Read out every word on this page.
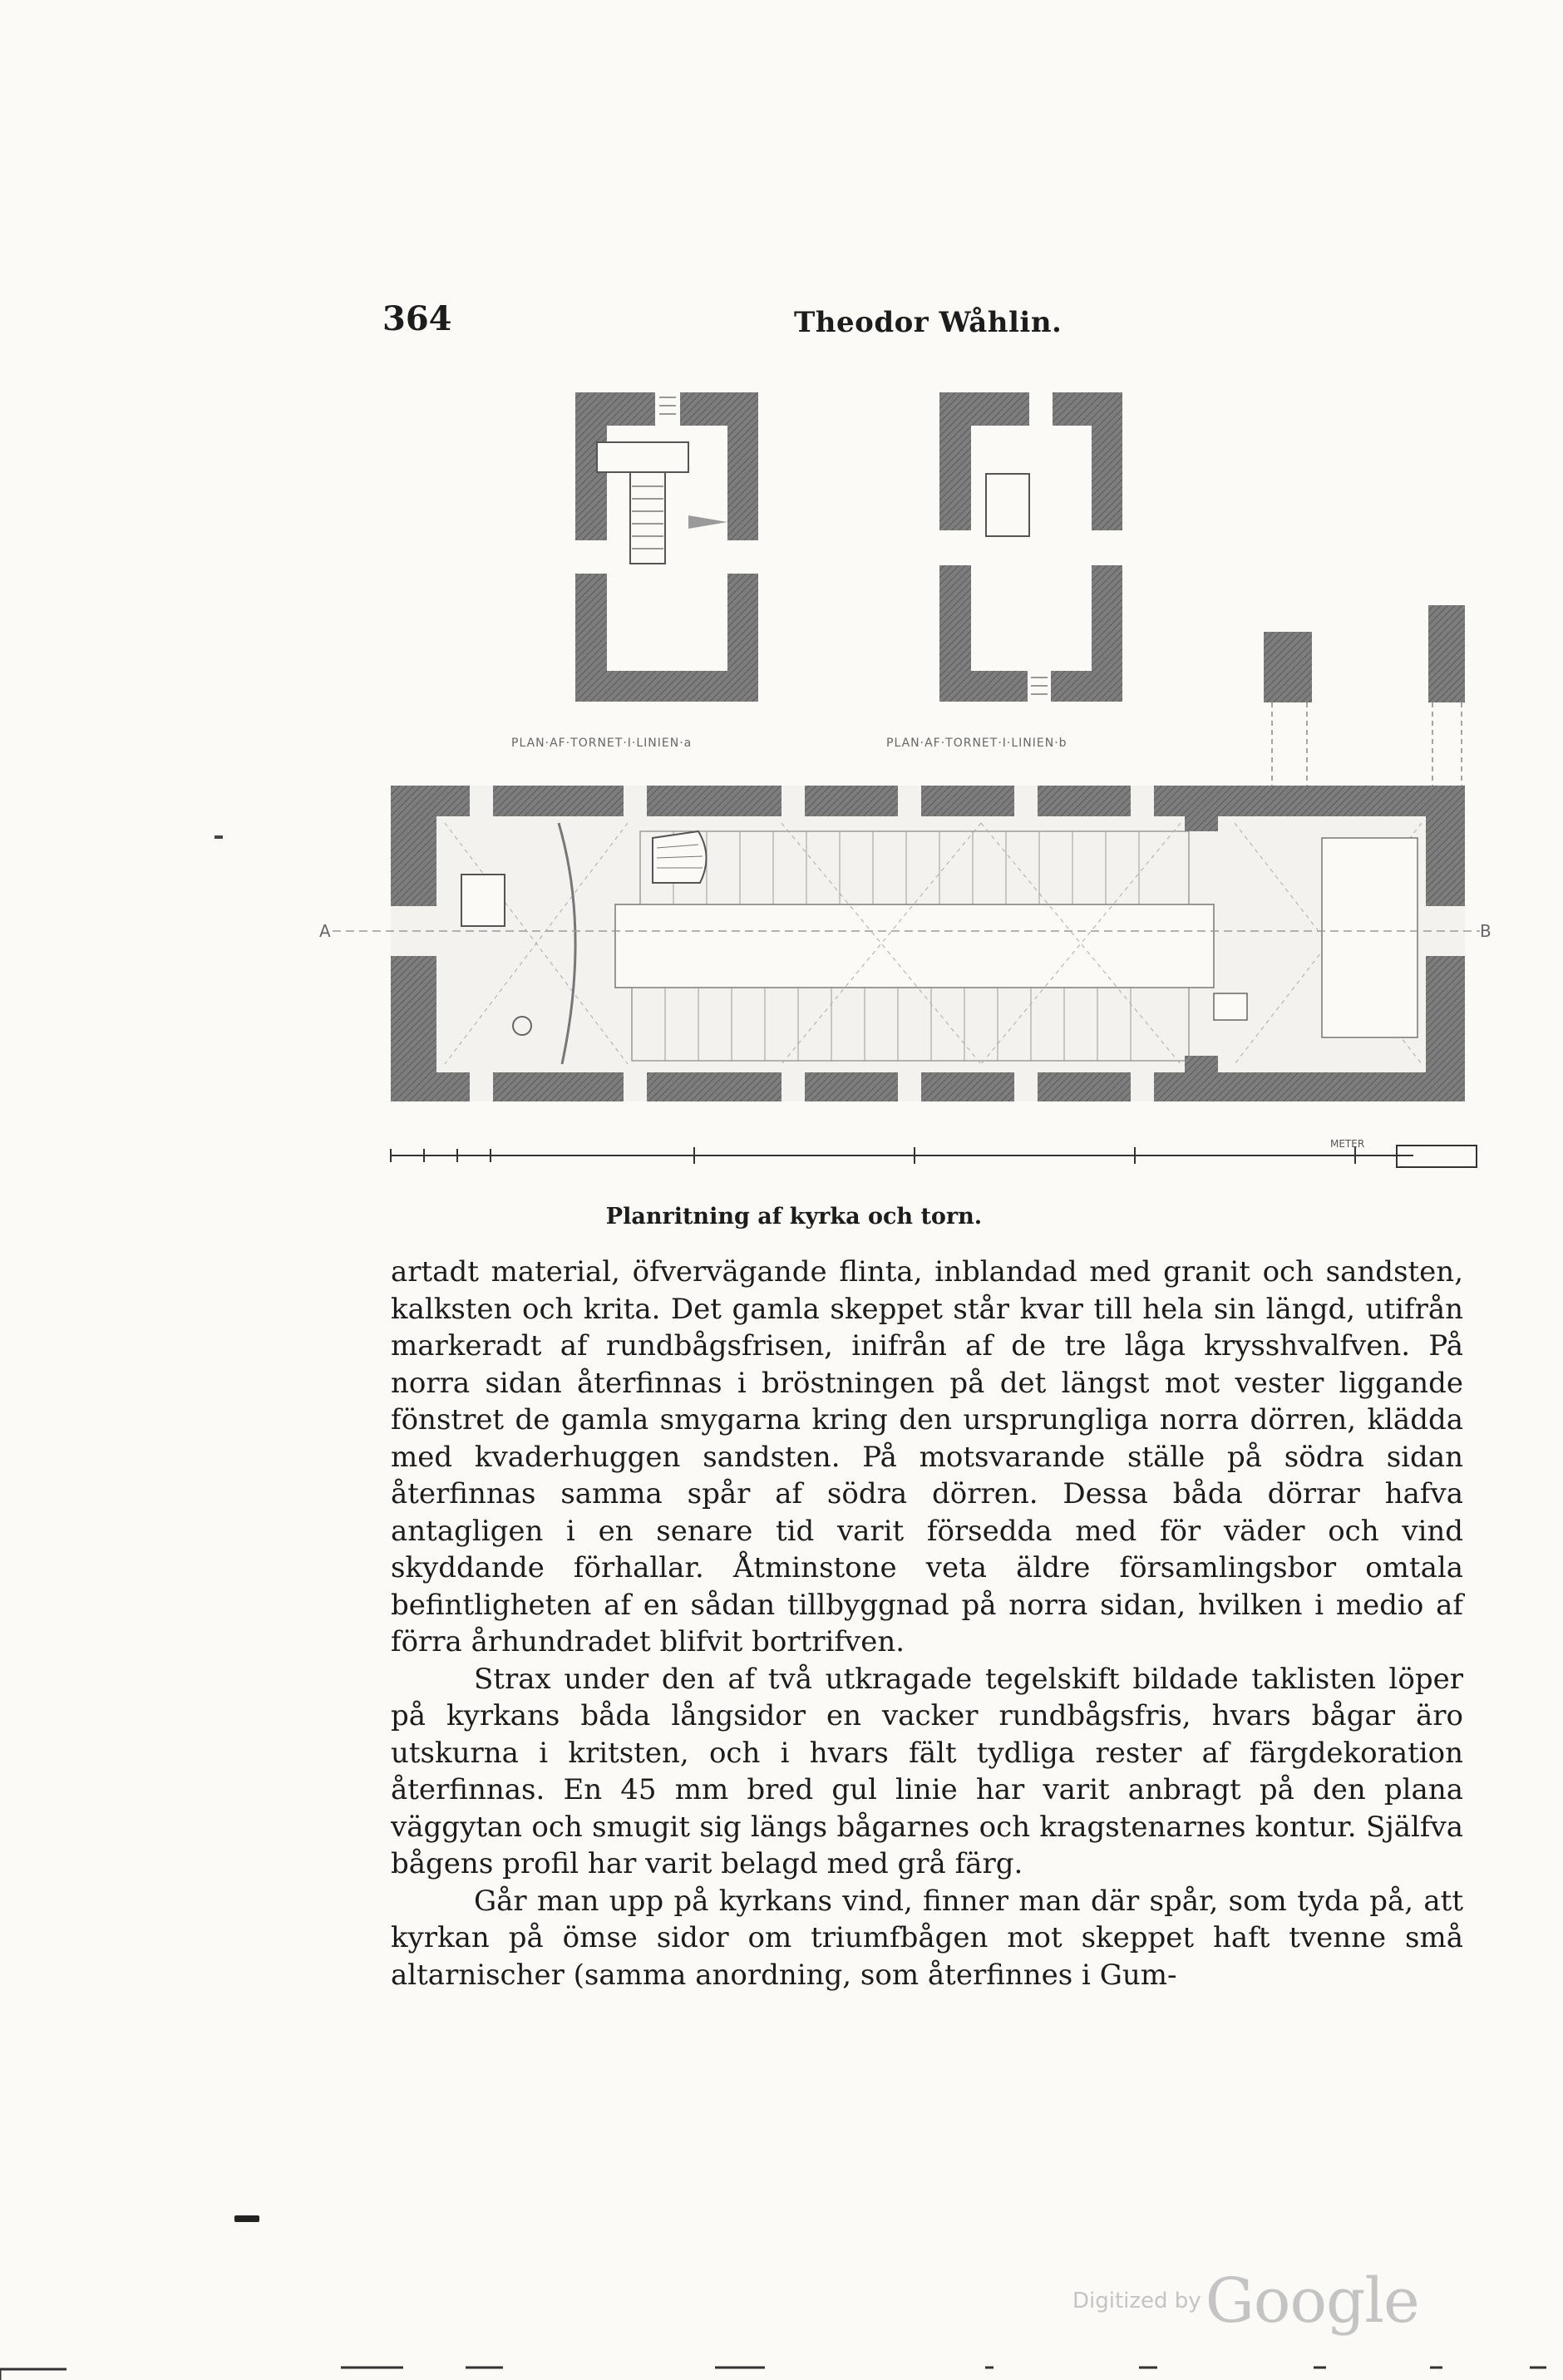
364	Theodor Wåhlin.
PLAN·AF·TORNET·I·LINIEN·a	PLAN·AF·TORNET·I·LINIEN·b
A	B
METER
Planritning af kyrka och torn.

artadt material, öfvervägande flinta, inblandad med granit och sandsten, kalksten och krita. Det gamla skeppet står kvar till hela sin längd, utifrån markeradt af rundbågsfrisen, inifrån af de tre låga krysshvalfven. På norra sidan återfinnas i bröstningen på det längst mot vester liggande fönstret de gamla smygarna kring den ursprungliga norra dörren, klädda med kvaderhuggen sandsten. På motsvarande ställe på södra sidan återfinnas samma spår af södra dörren. Dessa båda dörrar hafva antagligen i en senare tid varit försedda med för väder och vind skyddande förhallar. Åtminstone veta äldre församlingsbor omtala befintligheten af en sådan tillbyggnad på norra sidan, hvilken i medio af förra århundradet blifvit bortrifven.

Strax under den af två utkragade tegelskift bildade taklisten löper på kyrkans båda långsidor en vacker rundbågsfris, hvars bågar äro utskurna i kritsten, och i hvars fält tydliga rester af färgdekoration återfinnas. En 45 mm bred gul linie har varit anbragt på den plana väggytan och smugit sig längs bågarnes och kragstenarnes kontur. Själfva bågens profil har varit belagd med grå färg.

Går man upp på kyrkans vind, finner man där spår, som tyda på, att kyrkan på ömse sidor om triumfbågen mot skeppet haft tvenne små altarnischer (samma anordning, som återfinnes i Gum-

Digitized by Google
